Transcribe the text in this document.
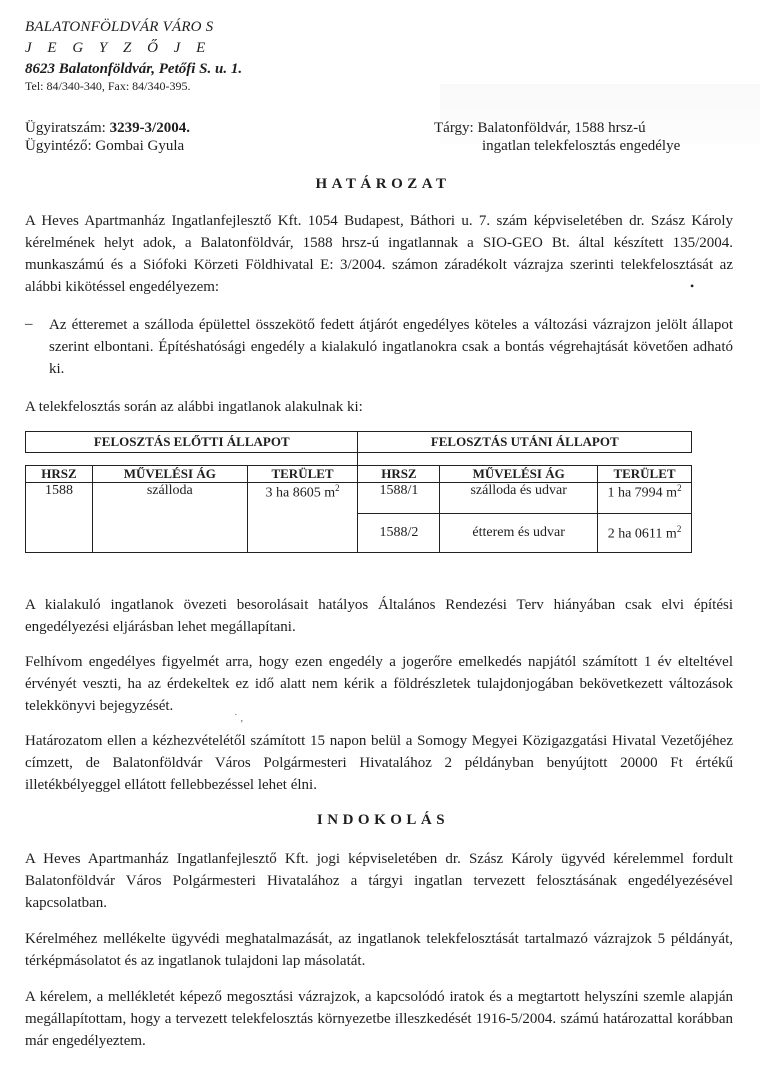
BALATONFÖLDVÁR VÁRO S
J E G Y Z Ő J E
8623 Balatonföldvár, Petőfi S. u. 1.
Tel: 84/340-340, Fax: 84/340-395.
Ügyiratszám: 3239-3/2004.
Ügyintéző: Gombai Gyula
Tárgy: Balatonföldvár, 1588 hrsz-ú
ingatlan telekfelosztás engedélye
HATÁROZAT
A Heves Apartmanház Ingatlanfejlesztő Kft. 1054 Budapest, Báthori u. 7. szám képviseletében dr. Szász Károly kérelmének helyt adok, a Balatonföldvár, 1588 hrsz-ú ingatlannak a SIO-GEO Bt. által készített 135/2004. munkaszámú és a Siófoki Körzeti Földhivatal E: 3/2004. számon záradékolt vázrajza szerinti telekfelosztását az alábbi kikötéssel engedélyezem:	•
– Az étteremet a szálloda épülettel összekötő fedett átjárót engedélyes köteles a változási vázrajzon jelölt állapot szerint elbontani. Építéshatósági engedély a kialakuló ingatlanokra csak a bontás végrehajtását követően adható ki.
A telekfelosztás során az alábbi ingatlanok alakulnak ki:
FELOSZTÁS ELŐTTI ÁLLAPOT			FELOSZTÁS UTÁNI ÁLLAPOT		

HRSZ	MŰVELÉSI ÁG	TERÜLET	HRSZ	MŰVELÉSI ÁG	TERÜLET
1588	szálloda	3 ha 8605 $m^2$	1588/1	szálloda és udvar	1 ha 7994 $m^2$
			1588/2	étterem és udvar	2 ha 0611 $m^2$
A kialakuló ingatlanok övezeti besorolásait hatályos Általános Rendezési Terv hiányában csak elvi építési engedélyezési eljárásban lehet megállapítani.
Felhívom engedélyes figyelmét arra, hogy ezen engedély a jogerőre emelkedés napjától számított 1 év elteltével érvényét veszti, ha az érdekeltek ez idő alatt nem kérik a földrészletek tulajdonjogában bekövetkezett változások telekkönyvi bejegyzését.
˙ ,
Határozatom ellen a kézhezvételétől számított 15 napon belül a Somogy Megyei Közigazgatási Hivatal Vezetőjéhez címzett, de Balatonföldvár Város Polgármesteri Hivatalához 2 példányban benyújtott 20000 Ft értékű illetékbélyeggel ellátott fellebbezéssel lehet élni.
INDOKOLÁS
A Heves Apartmanház Ingatlanfejlesztő Kft. jogi képviseletében dr. Szász Károly ügyvéd kérelemmel fordult Balatonföldvár Város Polgármesteri Hivatalához a tárgyi ingatlan tervezett felosztásának engedélyezésével kapcsolatban.
Kérelméhez mellékelte ügyvédi meghatalmazását, az ingatlanok telekfelosztását tartalmazó vázrajzok 5 példányát, térképmásolatot és az ingatlanok tulajdoni lap másolatát.
A kérelem, a mellékletét képező megosztási vázrajzok, a kapcsolódó iratok és a megtartott helyszíni szemle alapján megállapítottam, hogy a tervezett telekfelosztás környezetbe illeszkedését 1916-5/2004. számú határozattal korábban már engedélyeztem.
